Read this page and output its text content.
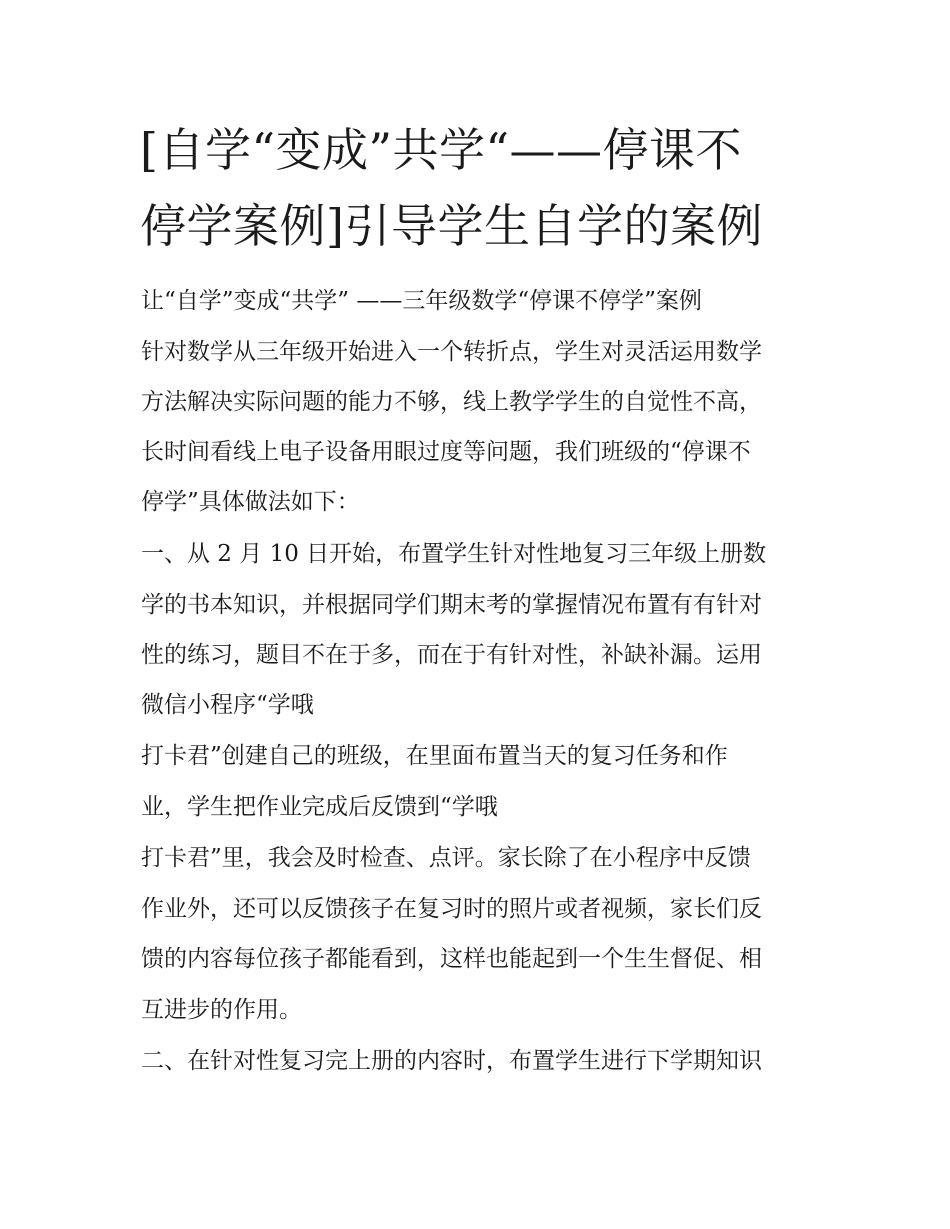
[自学“变成”共学“——停课不
停学案例]引导学生自学的案例

让“自学”变成“共学” ——三年级数学“停课不停学”案例

针对数学从三年级开始进入一个转折点，学生对灵活运用数学

方法解决实际问题的能力不够，线上教学学生的自觉性不高，

长时间看线上电子设备用眼过度等问题，我们班级的“停课不

停学”具体做法如下：

一、从 2 月 10 日开始，布置学生针对性地复习三年级上册数

学的书本知识，并根据同学们期末考的掌握情况布置有有针对

性的练习，题目不在于多，而在于有针对性，补缺补漏。运用

微信小程序“学哦

打卡君”创建自己的班级，在里面布置当天的复习任务和作

业，学生把作业完成后反馈到“学哦

打卡君”里，我会及时检查、点评。家长除了在小程序中反馈

作业外，还可以反馈孩子在复习时的照片或者视频，家长们反

馈的内容每位孩子都能看到，这样也能起到一个生生督促、相

互进步的作用。

二、在针对性复习完上册的内容时，布置学生进行下学期知识
